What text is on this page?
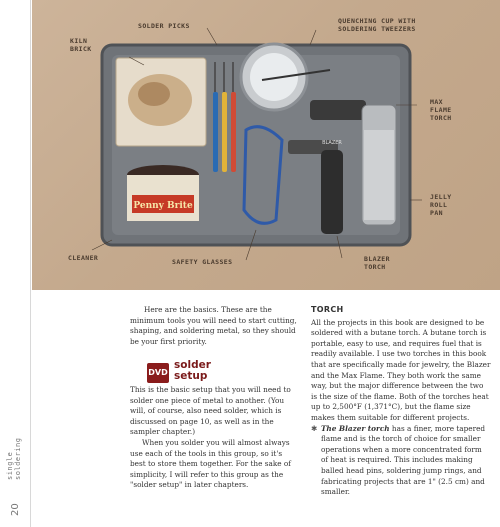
single soldering
20
Penny Brite
BLAZER
KILN
BRICK
SOLDER PICKS
QUENCHING CUP WITH
SOLDERING TWEEZERS
MAX
FLAME
TORCH
JELLY
ROLL
PAN
CLEANER	SAFETY GLASSES	BLAZER
TORCH

Here are the basics. These are the minimum tools you will need to start cutting, shaping, and soldering metal, so they should be your first priority.

DVD
solder
setup

This is the basic setup that you will need to solder one piece of metal to another. (You will, of course, also need solder, which is discussed on page 10, as well as in the sampler chapter.)

When you solder you will almost always use each of the tools in this group, so it's best to store them together. For the sake of simplicity, I will refer to this group as the "solder setup" in later chapters.

TORCH

All the projects in this book are designed to be soldered with a butane torch. A butane torch is portable, easy to use, and requires fuel that is readily available. I use two torches in this book that are specifically made for jewelry, the Blazer and the Max Flame. They both work the same way, but the major difference between the two is the size of the flame. Both of the torches heat up to 2,500°F (1,371°C), but the flame size makes them suitable for different projects.

✱ The Blazer torch has a finer, more tapered flame and is the torch of choice for smaller operations when a more concentrated form of heat is required. This includes making balled head pins, soldering jump rings, and fabricating projects that are 1" (2.5 cm) and smaller.
